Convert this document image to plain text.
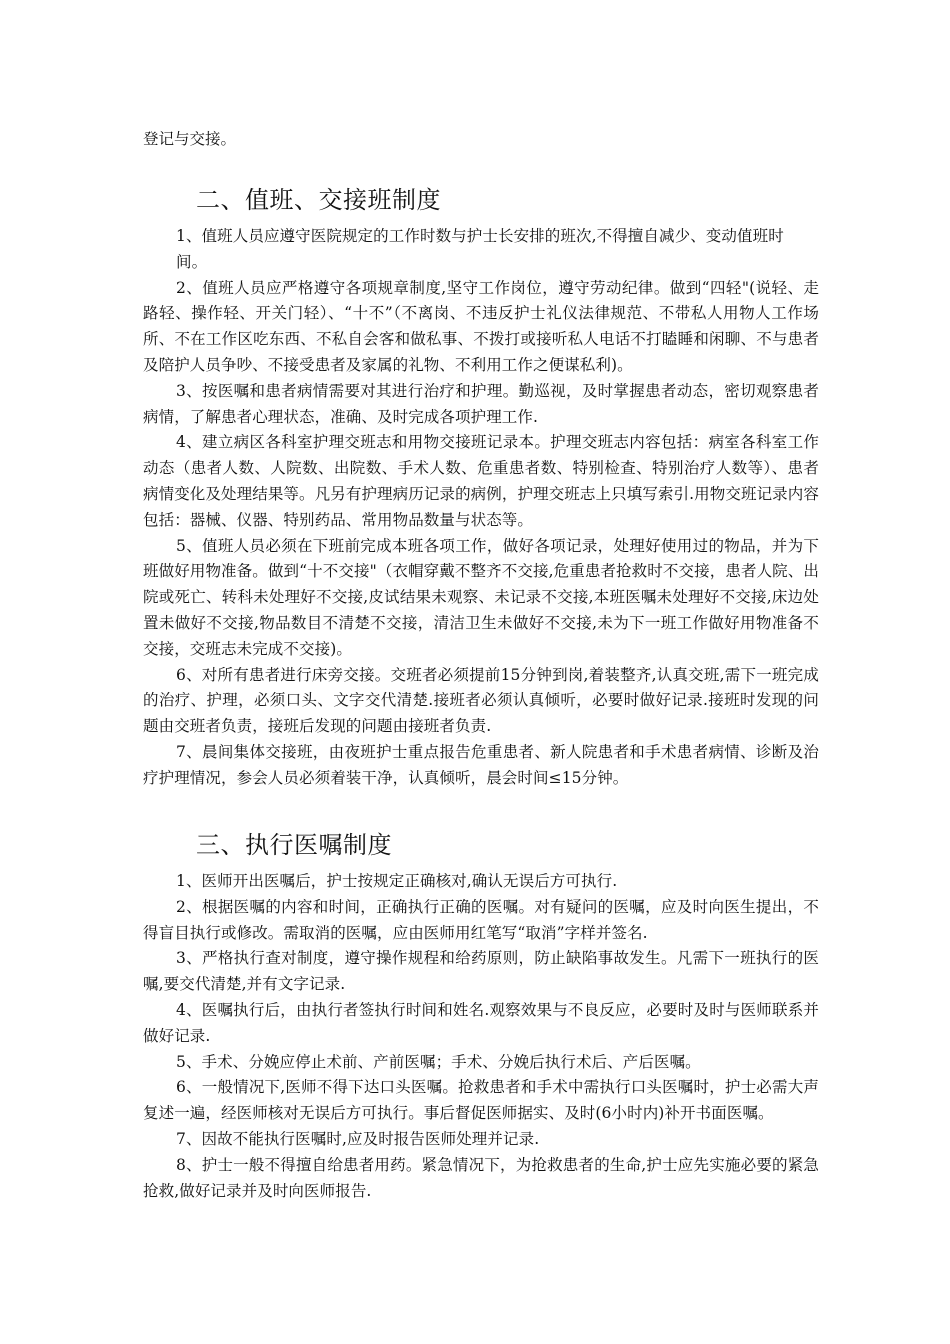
登记与交接。

二、值班、交接班制度

1、值班人员应遵守医院规定的工作时数与护士长安排的班次,不得擅自减少、变动值班时
间。

2、值班人员应严格遵守各项规章制度,坚守工作岗位，遵守劳动纪律。做到“四轻"(说轻、走路轻、操作轻、开关门轻）、“十不”（不离岗、不违反护士礼仪法律规范、不带私人用物人工作场所、不在工作区吃东西、不私自会客和做私事、不拨打或接听私人电话不打瞌睡和闲聊、不与患者及陪护人员争吵、不接受患者及家属的礼物、不利用工作之便谋私利)。

3、按医嘱和患者病情需要对其进行治疗和护理。勤巡视，及时掌握患者动态，密切观察患者病情，了解患者心理状态，准确、及时完成各项护理工作.

4、建立病区各科室护理交班志和用物交接班记录本。护理交班志内容包括：病室各科室工作动态（患者人数、人院数、出院数、手术人数、危重患者数、特别检查、特别治疗人数等）、患者病情变化及处理结果等。凡另有护理病历记录的病例，护理交班志上只填写索引.用物交班记录内容包括：器械、仪器、特别药品、常用物品数量与状态等。

5、值班人员必须在下班前完成本班各项工作，做好各项记录，处理好使用过的物品，并为下班做好用物准备。做到“十不交接"（衣帽穿戴不整齐不交接,危重患者抢救时不交接，患者人院、出院或死亡、转科未处理好不交接,皮试结果未观察、未记录不交接,本班医嘱未处理好不交接,床边处置未做好不交接,物品数目不清楚不交接，清洁卫生未做好不交接,未为下一班工作做好用物准备不交接，交班志未完成不交接)。

6、对所有患者进行床旁交接。交班者必须提前15分钟到岗,着装整齐,认真交班,需下一班完成的治疗、护理，必须口头、文字交代清楚.接班者必须认真倾听，必要时做好记录.接班时发现的问题由交班者负责，接班后发现的问题由接班者负责.

7、晨间集体交接班，由夜班护士重点报告危重患者、新人院患者和手术患者病情、诊断及治疗护理情况，参会人员必须着装干净，认真倾听，晨会时间≤15分钟。

三、执行医嘱制度

1、医师开出医嘱后，护士按规定正确核对,确认无误后方可执行.

2、根据医嘱的内容和时间，正确执行正确的医嘱。对有疑问的医嘱，应及时向医生提出，不得盲目执行或修改。需取消的医嘱，应由医师用红笔写“取消”字样并签名.

3、严格执行查对制度，遵守操作规程和给药原则，防止缺陷事故发生。凡需下一班执行的医嘱,要交代清楚,并有文字记录.

4、医嘱执行后，由执行者签执行时间和姓名.观察效果与不良反应，必要时及时与医师联系并做好记录.

5、手术、分娩应停止术前、产前医嘱；手术、分娩后执行术后、产后医嘱。

6、一般情况下,医师不得下达口头医嘱。抢救患者和手术中需执行口头医嘱时，护士必需大声复述一遍，经医师核对无误后方可执行。事后督促医师据实、及时(6小时内)补开书面医嘱。

7、因故不能执行医嘱时,应及时报告医师处理并记录.

8、护士一般不得擅自给患者用药。紧急情况下，为抢救患者的生命,护士应先实施必要的紧急抢救,做好记录并及时向医师报告.
